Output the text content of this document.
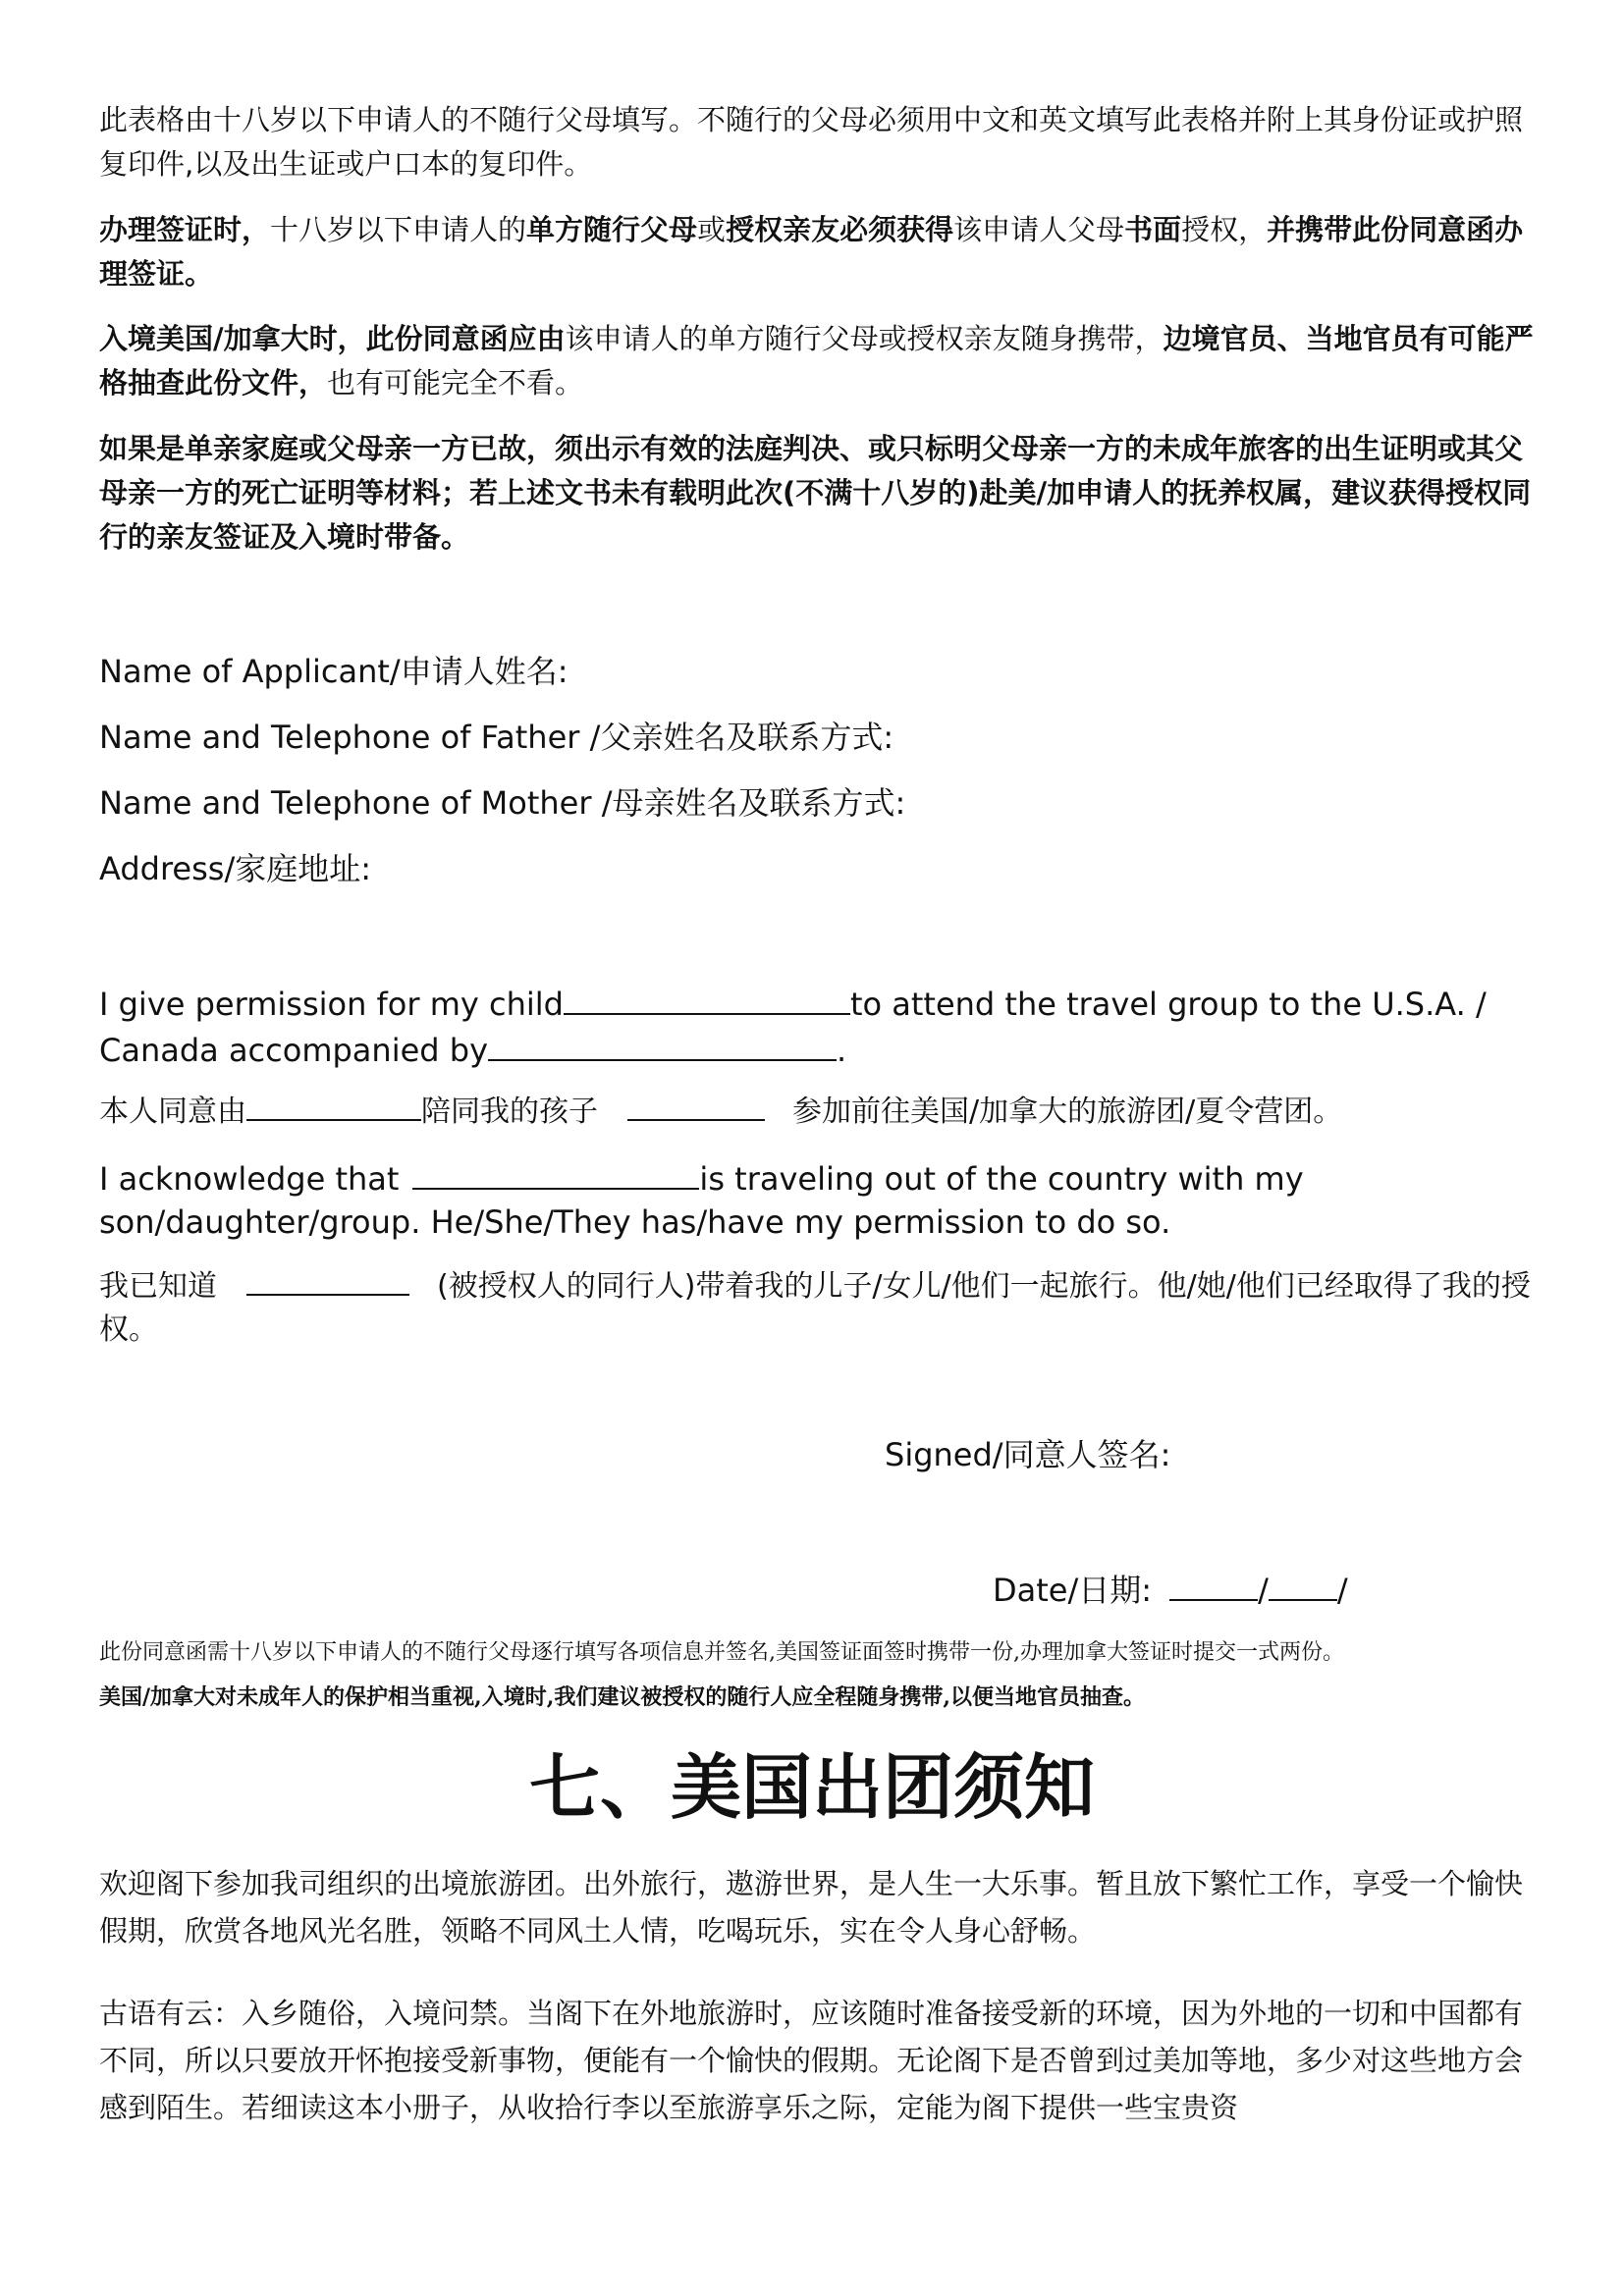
此表格由十八岁以下申请人的不随行父母填写。不随行的父母必须用中文和英文填写此表格并附上其身份证或护照复印件,以及出生证或户口本的复印件。

办理签证时，十八岁以下申请人的单方随行父母或授权亲友必须获得该申请人父母书面授权，并携带此份同意函办理签证。

入境美国/加拿大时，此份同意函应由该申请人的单方随行父母或授权亲友随身携带，边境官员、当地官员有可能严格抽查此份文件，也有可能完全不看。

如果是单亲家庭或父母亲一方已故，须出示有效的法庭判决、或只标明父母亲一方的未成年旅客的出生证明或其父母亲一方的死亡证明等材料；若上述文书未有载明此次(不满十八岁的)赴美/加申请人的抚养权属，建议获得授权同行的亲友签证及入境时带备。

Name of Applicant/申请人姓名:

Name and Telephone of Father /父亲姓名及联系方式:

Name and Telephone of Mother /母亲姓名及联系方式:

Address/家庭地址:

I give permission for my child	to attend the travel group to the U.S.A. / Canada accompanied by	.

本人同意由	陪同我的孩子	参加前往美国/加拿大的旅游团/夏令营团。

I acknowledge that	is traveling out of the country with my son/daughter/group. He/She/They has/have my permission to do so.

我已知道	(被授权人的同行人)带着我的儿子/女儿/他们一起旅行。他/她/他们已经取得了我的授权。

Signed/同意人签名:

Date/日期:	/ /

此份同意函需十八岁以下申请人的不随行父母逐行填写各项信息并签名,美国签证面签时携带一份,办理加拿大签证时提交一式两份。

美国/加拿大对未成年人的保护相当重视,入境时,我们建议被授权的随行人应全程随身携带,以便当地官员抽查。

七、美国出团须知

欢迎阁下参加我司组织的出境旅游团。出外旅行，遨游世界，是人生一大乐事。暂且放下繁忙工作，享受一个愉快假期，欣赏各地风光名胜，领略不同风土人情，吃喝玩乐，实在令人身心舒畅。

古语有云：入乡随俗，入境问禁。当阁下在外地旅游时，应该随时准备接受新的环境，因为外地的一切和中国都有不同，所以只要放开怀抱接受新事物，便能有一个愉快的假期。无论阁下是否曾到过美加等地，多少对这些地方会感到陌生。若细读这本小册子，从收拾行李以至旅游享乐之际，定能为阁下提供一些宝贵资
